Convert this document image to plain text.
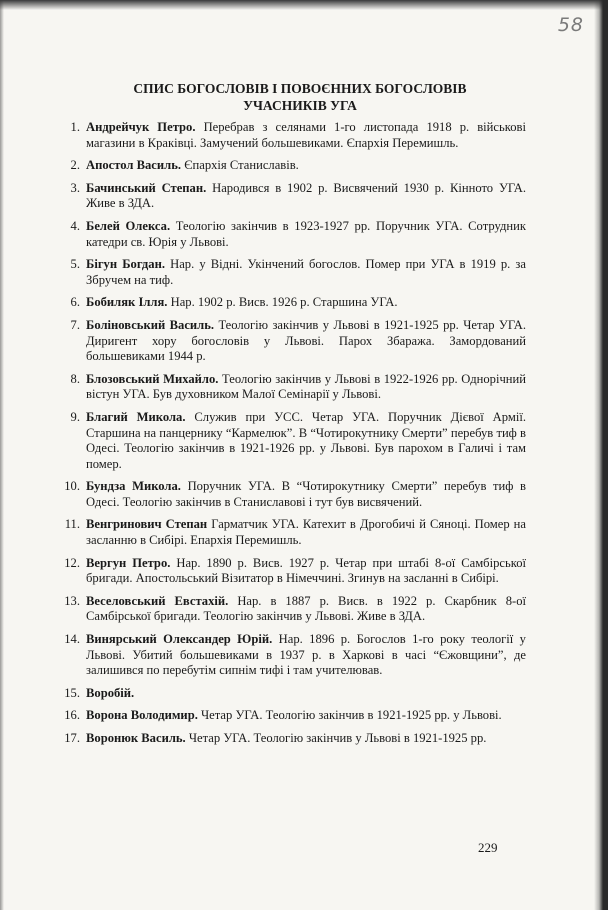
58
СПИС БОГОСЛОВІВ І ПОВОЄННИХ БОГОСЛОВІВ
УЧАСНИКІВ УГА
1. Андрейчук Петро. Перебрав з селянами 1-го листопада 1918 р. військові магазини в Краківці. Замучений большевиками. Єпархія Перемишль.
2. Апостол Василь. Єпархія Станиславів.
3. Бачинський Степан. Народився в 1902 р. Висвячений 1930 р. Кінното УГА. Живе в ЗДА.
4. Белей Олекса. Теологію закінчив в 1923-1927 рр. Поручник УГА. Сотрудник катедри св. Юрія у Львові.
5. Бігун Богдан. Нар. у Відні. Укінчений богослов. Помер при УГА в 1919 р. за Збручем на тиф.
6. Бобиляк Ілля. Нар. 1902 р. Висв. 1926 р. Старшина УГА.
7. Боліновський Василь. Теологію закінчив у Львові в 1921-1925 рр. Четар УГА. Диригент хору богословів у Львові. Парох Збаража. Замордований большевиками 1944 р.
8. Блозовський Михайло. Теологію закінчив у Львові в 1922-1926 рр. Однорічний вістун УГА. Був духовником Малої Семінарії у Львові.
9. Благий Микола. Служив при УСС. Четар УГА. Поручник Дієвої Армії. Старшина на панцернику “Кармелюк”. В “Чотирокутнику Смерти” перебув тиф в Одесі. Теологію закінчив в 1921-1926 рр. у Львові. Був парохом в Галичі і там помер.
10. Бундза Микола. Поручник УГА. В “Чотирокутнику Смерти” перебув тиф в Одесі. Теологію закінчив в Станиславові і тут був висвячений.
11. Венгринович Степан Гарматчик УГА. Катехит в Дрогобичі й Сяноці. Помер на засланню в Сибірі. Епархія Перемишль.
12. Вергун Петро. Нар. 1890 р. Висв. 1927 р. Четар при штабі 8-ої Самбірської бригади. Апостольський Візитатор в Німеччині. Згинув на засланні в Сибірі.
13. Веселовський Евстахій. Нар. в 1887 р. Висв. в 1922 р. Скарбник 8-ої Самбірської бригади. Теологію закінчив у Львові. Живе в ЗДА.
14. Винярський Олександер Юрій. Нар. 1896 р. Богослов 1-го року теології у Львові. Убитий большевиками в 1937 р. в Харкові в часі “Єжовщини”, де залишився по перебутім сипнім тифі і там учителював.
15. Воробій.
16. Ворона Володимир. Четар УГА. Теологію закінчив в 1921-1925 рр. у Львові.
17. Воронюк Василь. Четар УГА. Теологію закінчив у Львові в 1921-1925 рр.
229
